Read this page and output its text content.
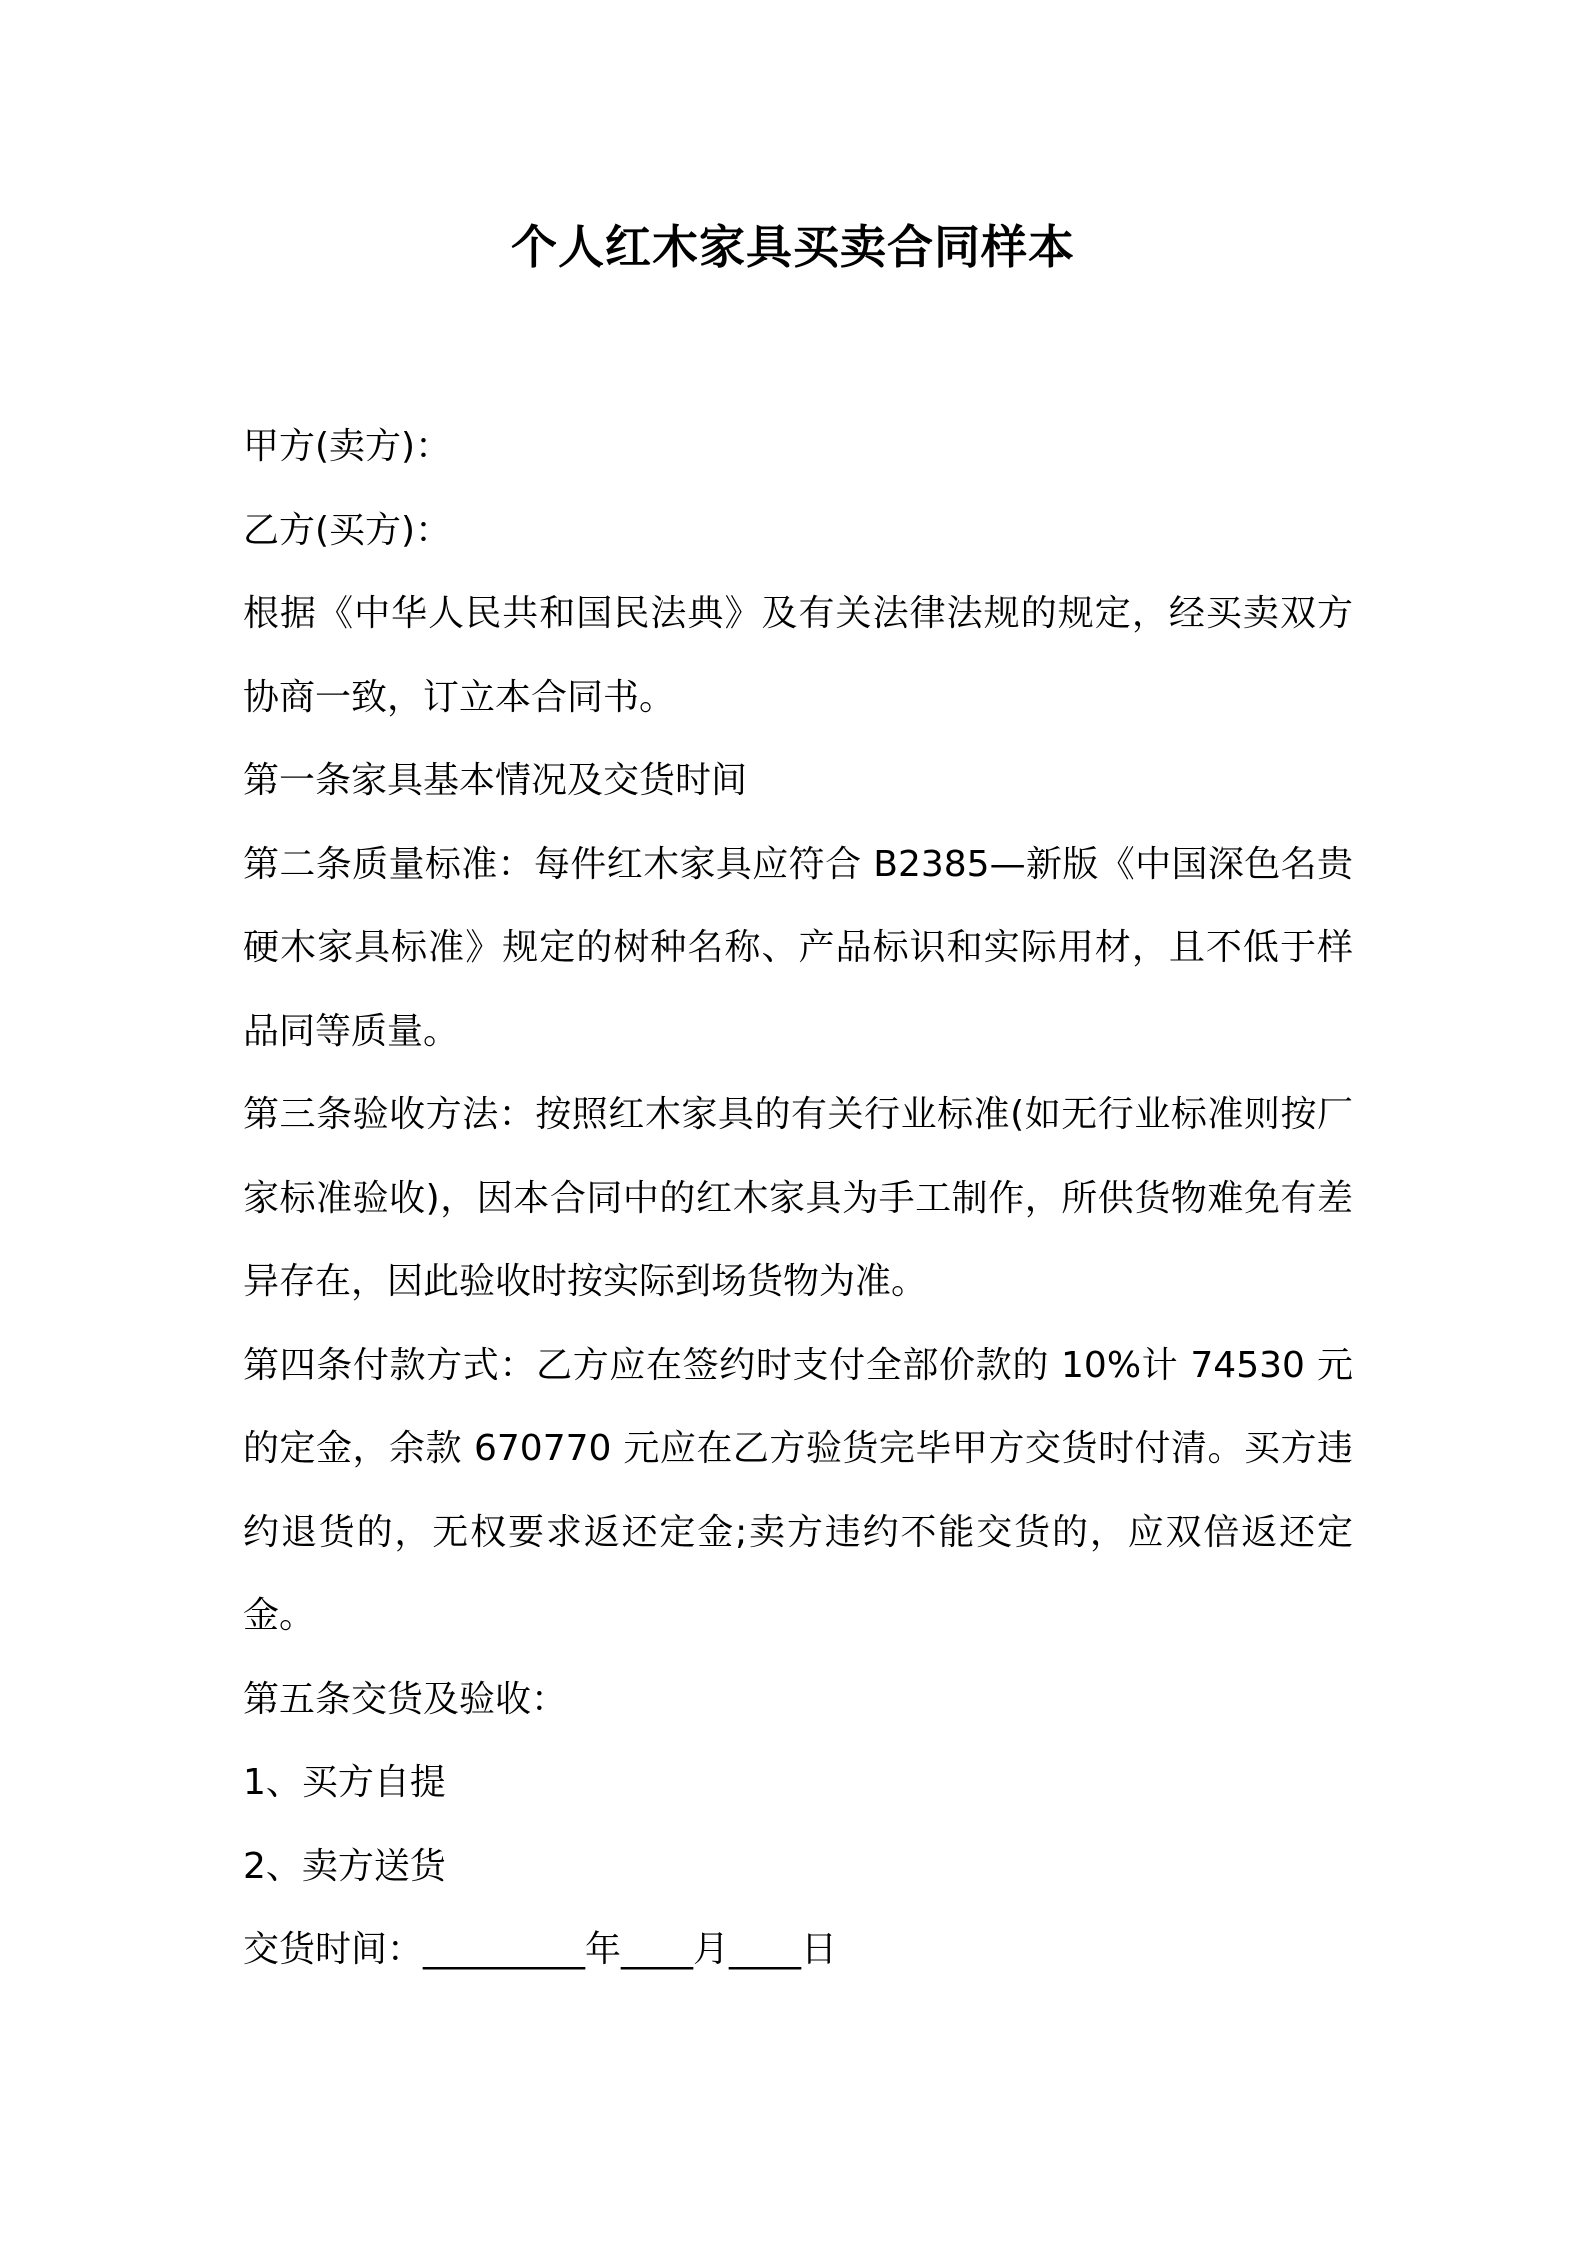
个人红木家具买卖合同样本

甲方(卖方)：

乙方(买方)：

根据《中华人民共和国民法典》及有关法律法规的规定，经买卖双方协商一致，订立本合同书。

第一条家具基本情况及交货时间

第二条质量标准：每件红木家具应符合 B2385—新版《中国深色名贵硬木家具标准》规定的树种名称、产品标识和实际用材，且不低于样品同等质量。

第三条验收方法：按照红木家具的有关行业标准(如无行业标准则按厂家标准验收)，因本合同中的红木家具为手工制作，所供货物难免有差异存在，因此验收时按实际到场货物为准。

第四条付款方式：乙方应在签约时支付全部价款的 10%计 74530 元的定金，余款 670770 元应在乙方验货完毕甲方交货时付清。买方违约退货的，无权要求返还定金;卖方违约不能交货的，应双倍返还定金。

第五条交货及验收：

1、买方自提

2、卖方送货

交货时间：_________年____月____日
